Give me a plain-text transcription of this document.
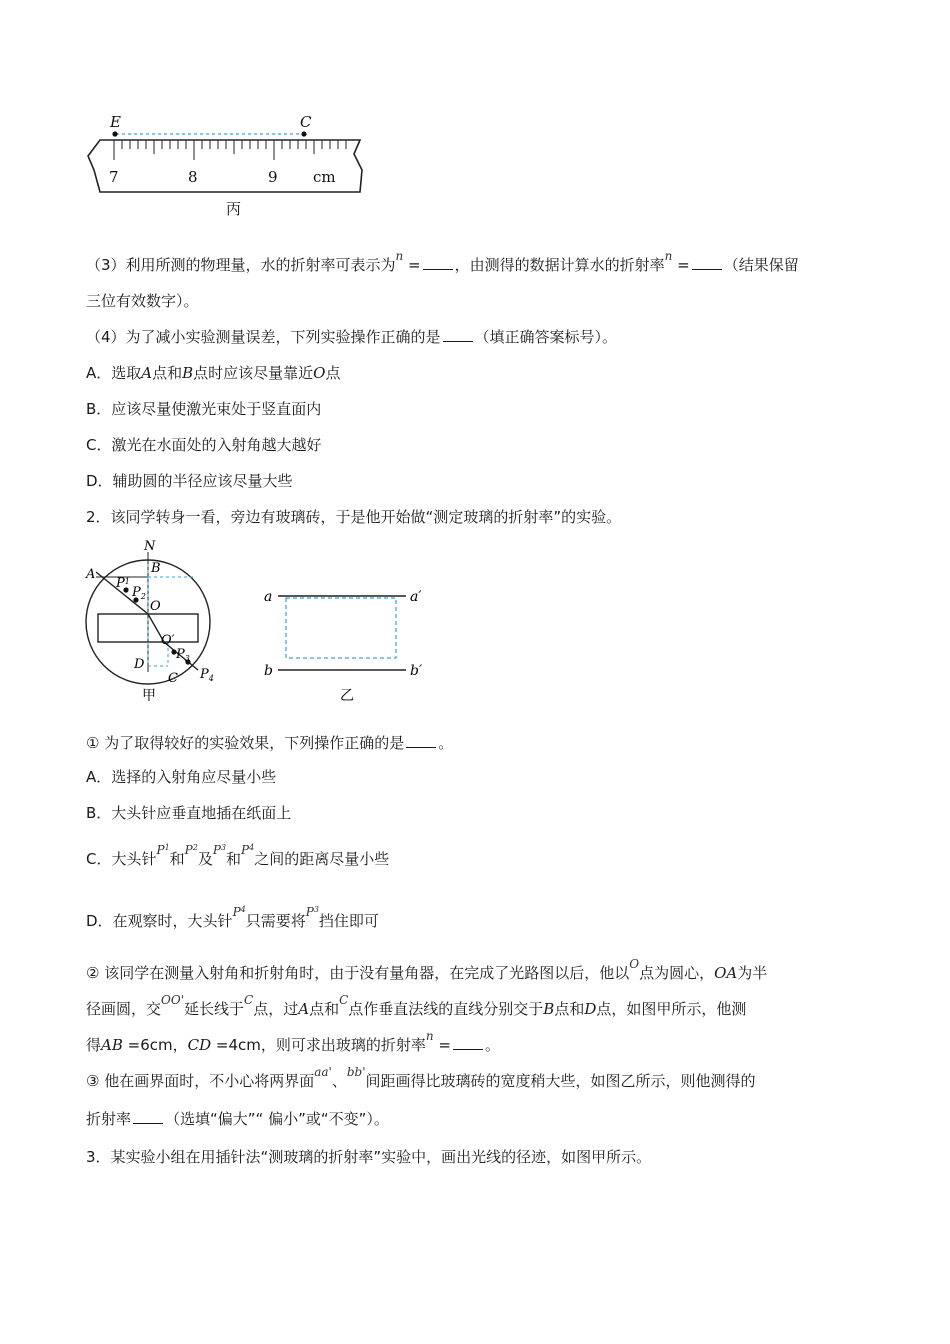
E	C
7	8	9 cm
丙
（3）利用所测的物理量，水的折射率可表示为$^n$ = ，由测得的数据计算水的折射率$^n$ = （结果保留
三位有效数字）。
（4）为了减小实验测量误差，下列实验操作正确的是 （填正确答案标号）。
A．选取A点和B点时应该尽量靠近O点
B．应该尽量使激光束处于竖直面内
C．激光在水面处的入射角越大越好
D．辅助圆的半径应该尽量大些
2．该同学转身一看，旁边有玻璃砖，于是他开始做“测定玻璃的折射率”的实验。
N
A	B
$P^1$
$P_2$
O
O′
$P_3$
D
C $P_4$
甲
a	a′
b	b′
乙
① 为了取得较好的实验效果，下列操作正确的是 。
A．选择的入射角应尽量小些
B．大头针应垂直地插在纸面上
C．大头针$^{P^1}$和$^{P^2}$及$^{P^3}$和$^{P^4}$之间的距离尽量小些
D．在观察时，大头针$^{P^4}$只需要将$^{P^3}$挡住即可
② 该同学在测量入射角和折射角时，由于没有量角器，在完成了光路图以后，他以$^O$点为圆心，OA为半
径画圆，交$^{OO'}$延长线于$^C$点，过A点和$^C$点作垂直法线的直线分别交于B点和D点，如图甲所示，他测
得AB =6cm，CD =4cm，则可求出玻璃的折射率$^n$ = 。
③ 他在画界面时，不小心将两界面$^{aa'}$、$^{bb'}$间距画得比玻璃砖的宽度稍大些，如图乙所示，则他测得的
折射率 （选填“偏大”“ 偏小”或“不变”）。
3．某实验小组在用插针法“测玻璃的折射率”实验中，画出光线的径迹，如图甲所示。
